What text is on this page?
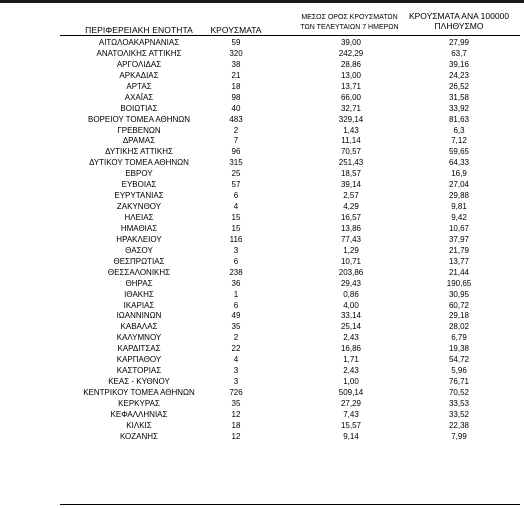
ΠΕΡΙΦΕΡΕΙΑΚΗ ΕΝΟΤΗΤΑ	ΚΡΟΥΣΜΑΤΑ
ΜΕΣΟΣ ΟΡΟΣ ΚΡΟΥΣΜΑΤΩΝ
ΤΩΝ ΤΕΛΕΥΤΑΙΩΝ 7 ΗΜΕΡΩΝ
ΚΡΟΥΣΜΑΤΑ ΑΝΑ 100000
ΠΛΗΘΥΣΜΟ
ΑΙΤΩΛΟΑΚΑΡΝΑΝΙΑΣ	59	39,00	27,99
ΑΝΑΤΟΛΙΚΗΣ ΑΤΤΙΚΗΣ	320	242,29	63,7
ΑΡΓΟΛΙΔΑΣ	38	28,86	39,16
ΑΡΚΑΔΙΑΣ	21	13,00	24,23
ΑΡΤΑΣ	18	13,71	26,52
ΑΧΑΪΑΣ	98	66,00	31,58
ΒΟΙΩΤΙΑΣ	40	32,71	33,92
ΒΟΡΕΙΟΥ ΤΟΜΕΑ ΑΘΗΝΩΝ	483	329,14	81,63
ΓΡΕΒΕΝΩΝ	2	1,43	6,3
ΔΡΑΜΑΣ	7	11,14	7,12
ΔΥΤΙΚΗΣ ΑΤΤΙΚΗΣ	96	70,57	59,65
ΔΥΤΙΚΟΥ ΤΟΜΕΑ ΑΘΗΝΩΝ	315	251,43	64,33
ΕΒΡΟΥ	25	18,57	16,9
ΕΥΒΟΙΑΣ	57	39,14	27,04
ΕΥΡΥΤΑΝΙΑΣ	6	2,57	29,88
ΖΑΚΥΝΘΟΥ	4	4,29	9,81
ΗΛΕΙΑΣ	15	16,57	9,42
ΗΜΑΘΙΑΣ	15	13,86	10,67
ΗΡΑΚΛΕΙΟΥ	116	77,43	37,97
ΘΑΣΟΥ	3	1,29	21,79
ΘΕΣΠΡΩΤΙΑΣ	6	10,71	13,77
ΘΕΣΣΑΛΟΝΙΚΗΣ	238	203,86	21,44
ΘΗΡΑΣ	36	29,43	190,65
ΙΘΑΚΗΣ	1	0,86	30,95
ΙΚΑΡΙΑΣ	6	4,00	60,72
ΙΩΑΝΝΙΝΩΝ	49	33,14	29,18
ΚΑΒΑΛΑΣ	35	25,14	28,02
ΚΑΛΥΜΝΟΥ	2	2,43	6,79
ΚΑΡΔΙΤΣΑΣ	22	16,86	19,38
ΚΑΡΠΑΘΟΥ	4	1,71	54,72
ΚΑΣΤΟΡΙΑΣ	3	2,43	5,96
ΚΕΑΣ - ΚΥΘΝΟΥ	3	1,00	76,71
ΚΕΝΤΡΙΚΟΥ ΤΟΜΕΑ ΑΘΗΝΩΝ	726	509,14	70,52
ΚΕΡΚΥΡΑΣ	35	27,29	33,53
ΚΕΦΑΛΛΗΝΙΑΣ	12	7,43	33,52
ΚΙΛΚΙΣ	18	15,57	22,38
ΚΟΖΑΝΗΣ	12	9,14	7,99
